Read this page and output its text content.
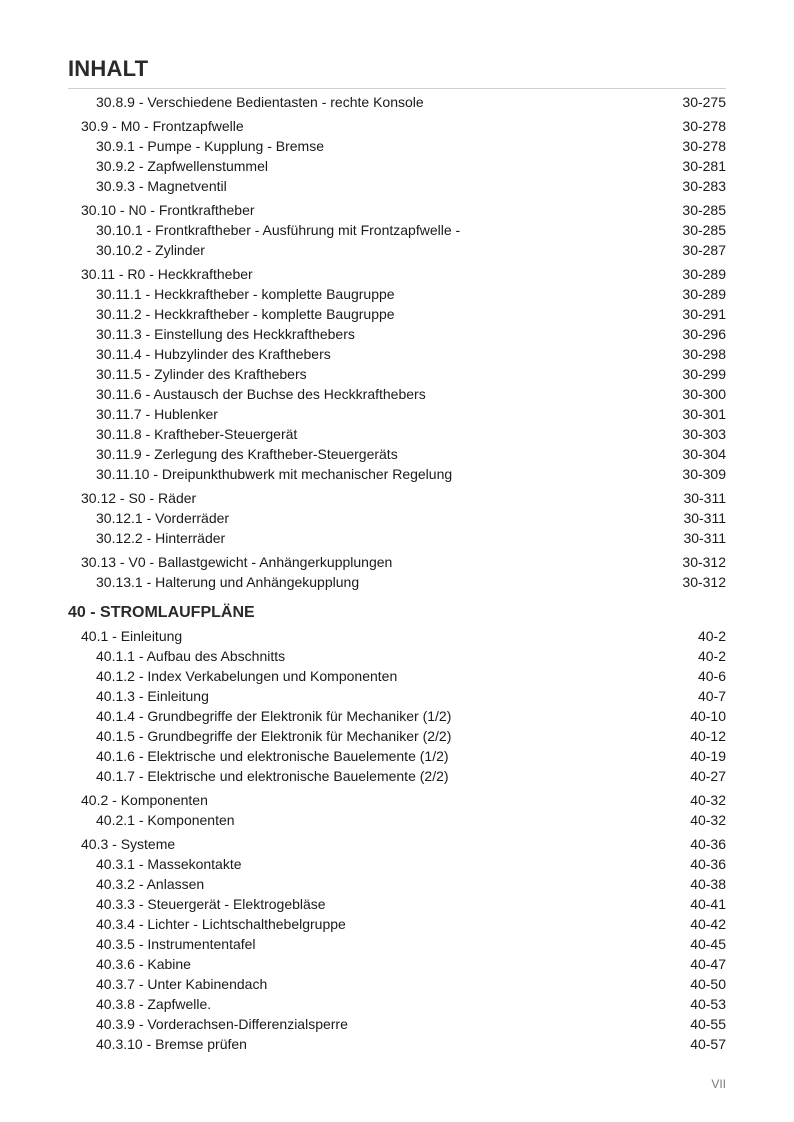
INHALT
30.8.9 - Verschiedene Bedientasten - rechte Konsole	30-275
30.9 - M0 - Frontzapfwelle	30-278
30.9.1 - Pumpe - Kupplung - Bremse	30-278
30.9.2 - Zapfwellenstummel	30-281
30.9.3 - Magnetventil	30-283
30.10 - N0 - Frontkraftheber	30-285
30.10.1 - Frontkraftheber - Ausführung mit Frontzapfwelle -	30-285
30.10.2 - Zylinder	30-287
30.11 - R0 - Heckkraftheber	30-289
30.11.1 - Heckkraftheber - komplette Baugruppe	30-289
30.11.2 - Heckkraftheber - komplette Baugruppe	30-291
30.11.3 - Einstellung des Heckkrafthebers	30-296
30.11.4 - Hubzylinder des Krafthebers	30-298
30.11.5 - Zylinder des Krafthebers	30-299
30.11.6 - Austausch der Buchse des Heckkrafthebers	30-300
30.11.7 - Hublenker	30-301
30.11.8 - Kraftheber-Steuergerät	30-303
30.11.9 - Zerlegung des Kraftheber-Steuergeräts	30-304
30.11.10 - Dreipunkthubwerk mit mechanischer Regelung	30-309
30.12 - S0 - Räder	30-311
30.12.1 - Vorderräder	30-311
30.12.2 - Hinterräder	30-311
30.13 - V0 - Ballastgewicht - Anhängerkupplungen	30-312
30.13.1 - Halterung und Anhängekupplung	30-312
40 - STROMLAUFPLÄNE
40.1 - Einleitung	40-2
40.1.1 - Aufbau des Abschnitts	40-2
40.1.2 - Index Verkabelungen und Komponenten	40-6
40.1.3 - Einleitung	40-7
40.1.4 - Grundbegriffe der Elektronik für Mechaniker (1/2)	40-10
40.1.5 - Grundbegriffe der Elektronik für Mechaniker (2/2)	40-12
40.1.6 - Elektrische und elektronische Bauelemente (1/2)	40-19
40.1.7 - Elektrische und elektronische Bauelemente (2/2)	40-27
40.2 - Komponenten	40-32
40.2.1 - Komponenten	40-32
40.3 - Systeme	40-36
40.3.1 - Massekontakte	40-36
40.3.2 - Anlassen	40-38
40.3.3 - Steuergerät - Elektrogebläse	40-41
40.3.4 - Lichter - Lichtschalthebelgruppe	40-42
40.3.5 - Instrumententafel	40-45
40.3.6 - Kabine	40-47
40.3.7 - Unter Kabinendach	40-50
40.3.8 - Zapfwelle.	40-53
40.3.9 - Vorderachsen-Differenzialsperre	40-55
40.3.10 - Bremse prüfen	40-57
VII
